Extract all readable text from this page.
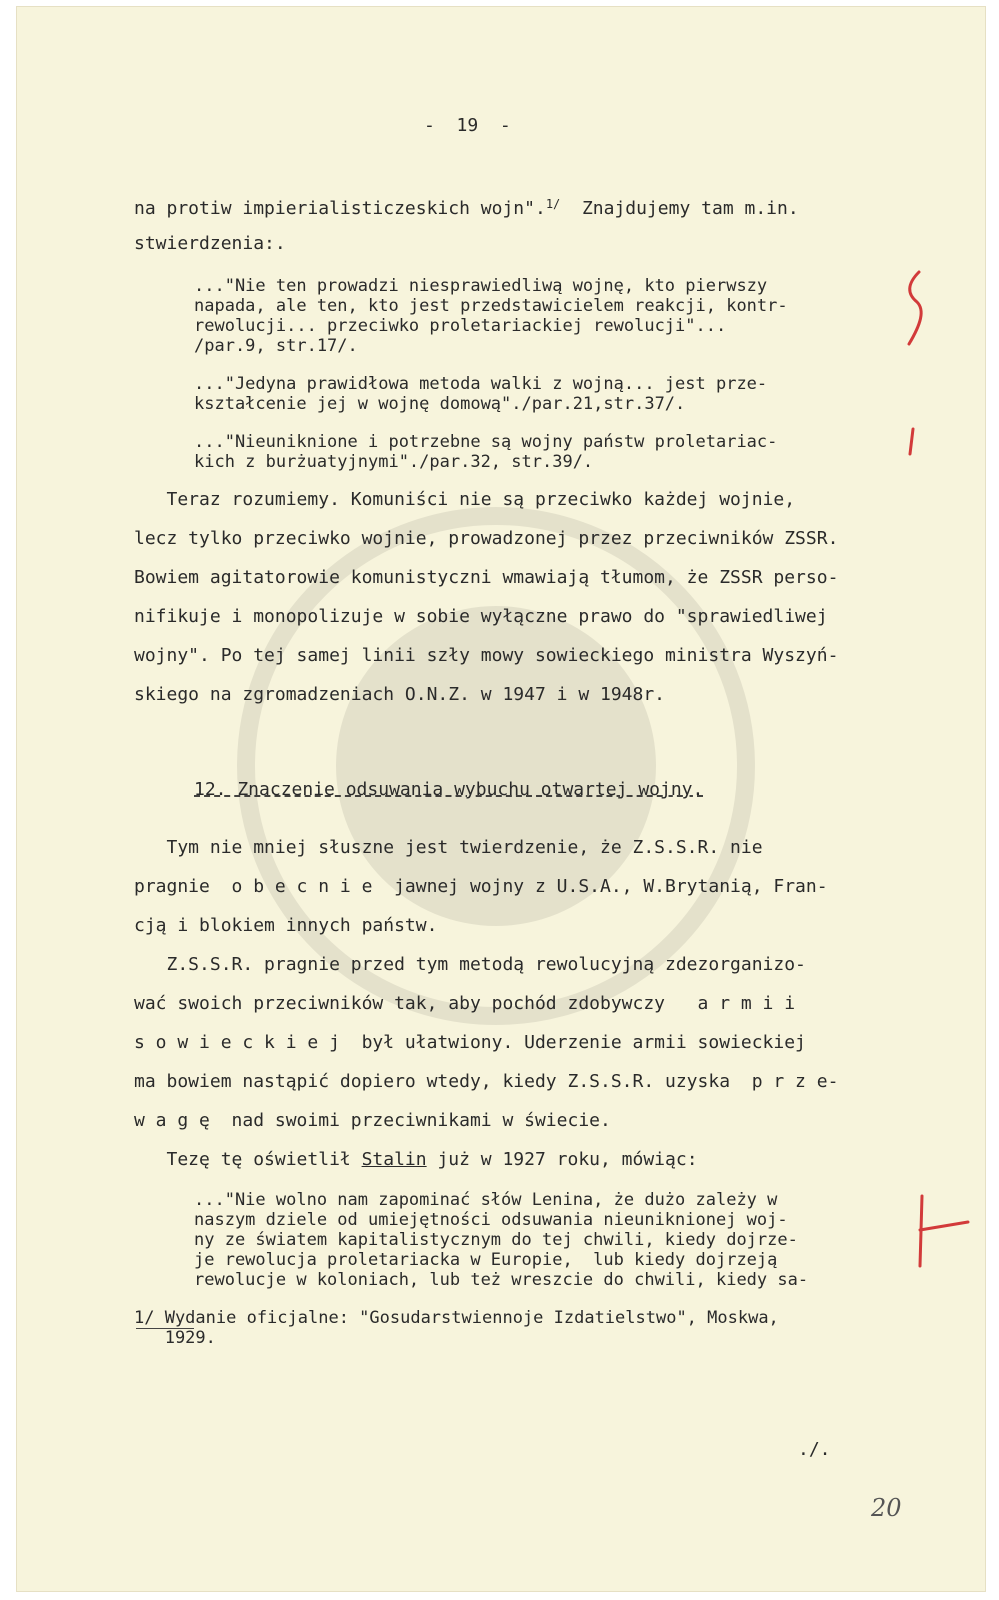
-  19  -
na protiw impierialisticzeskich wojn".$^{1/}$  Znajdujemy tam m.in.
stwierdzenia:.
..."Nie ten prowadzi niesprawiedliwą wojnę, kto pierwszy
napada, ale ten, kto jest przedstawicielem reakcji, kontr-
rewolucji... przeciwko proletariackiej rewolucji"...
/par.9, str.17/.
..."Jedyna prawidłowa metoda walki z wojną... jest prze-
kształcenie jej w wojnę domową"./par.21,str.37/.
..."Nieuniknione i potrzebne są wojny państw proletariac-
kich z burżuatyjnymi"./par.32, str.39/.
Teraz rozumiemy. Komuniści nie są przeciwko każdej wojnie,
lecz tylko przeciwko wojnie, prowadzonej przez przeciwników ZSSR.
Bowiem agitatorowie komunistyczni wmawiają tłumom, że ZSSR perso-
nifikuje i monopolizuje w sobie wyłączne prawo do "sprawiedliwej
wojny". Po tej samej linii szły mowy sowieckiego ministra Wyszyń-
skiego na zgromadzeniach O.N.Z. w 1947 i w 1948r.
12. Znaczenie odsuwania wybuchu otwartej wojny.
Tym nie mniej słuszne jest twierdzenie, że Z.S.S.R. nie
pragnie  o b e c n i e  jawnej wojny z U.S.A., W.Brytanią, Fran-
cją i blokiem innych państw.
Z.S.S.R. pragnie przed tym metodą rewolucyjną zdezorganizo-
wać swoich przeciwników tak, aby pochód zdobywczy   a r m i i
s o w i e c k i e j  był ułatwiony. Uderzenie armii sowieckiej
ma bowiem nastąpić dopiero wtedy, kiedy Z.S.S.R. uzyska  p r z e-
w a g ę  nad swoimi przeciwnikami w świecie.
Tezę tę oświetlił Stalin już w 1927 roku, mówiąc:
..."Nie wolno nam zapominać słów Lenina, że dużo zależy w
naszym dziele od umiejętności odsuwania nieuniknionej woj-
ny ze światem kapitalistycznym do tej chwili, kiedy dojrze-
je rewolucja proletariacka w Europie,  lub kiedy dojrzeją
rewolucje w koloniach, lub też wreszcie do chwili, kiedy sa-
1/ Wydanie oficjalne: "Gosudarstwiennoje Izdatielstwo", Moskwa,
1929.
./.
20
